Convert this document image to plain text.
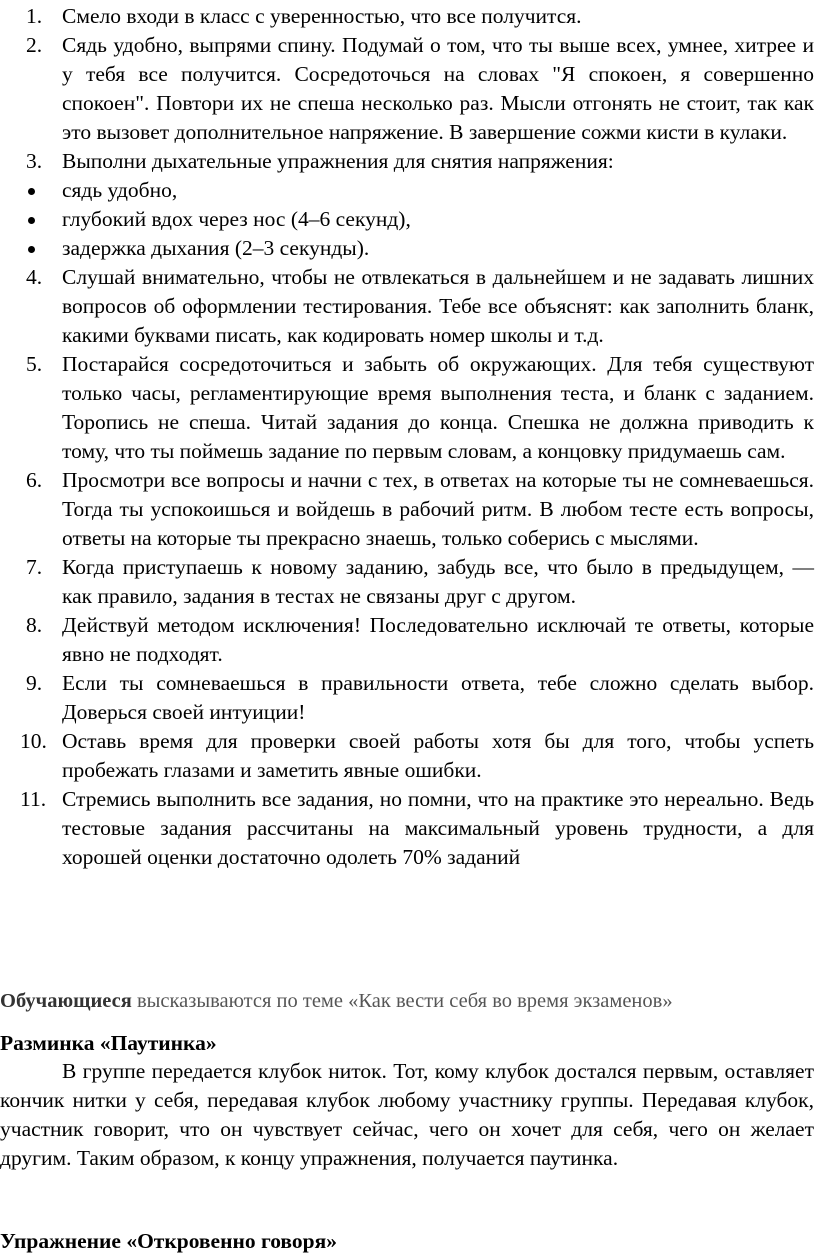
1. Смело входи в класс с уверенностью, что все получится.
2. Сядь удобно, выпрями спину. Подумай о том, что ты выше всех, умнее, хитрее и у тебя все получится. Сосредоточься на словах "Я спокоен, я совершенно спокоен". Повтори их не спеша несколько раз. Мысли отгонять не стоит, так как это вызовет дополнительное напряжение. В завершение сожми кисти в кулаки.
3. Выполни дыхательные упражнения для снятия напряжения:
сядь удобно,
глубокий вдох через нос (4–6 секунд),
задержка дыхания (2–3 секунды).
4. Слушай внимательно, чтобы не отвлекаться в дальнейшем и не задавать лишних вопросов об оформлении тестирования. Тебе все объяснят: как заполнить бланк, какими буквами писать, как кодировать номер школы и т.д.
5. Постарайся сосредоточиться и забыть об окружающих. Для тебя существуют только часы, регламентирующие время выполнения теста, и бланк с заданием. Торопись не спеша. Читай задания до конца. Спешка не должна приводить к тому, что ты поймешь задание по первым словам, а концовку придумаешь сам.
6. Просмотри все вопросы и начни с тех, в ответах на которые ты не сомневаешься. Тогда ты успокоишься и войдешь в рабочий ритм. В любом тесте есть вопросы, ответы на которые ты прекрасно знаешь, только соберись с мыслями.
7. Когда приступаешь к новому заданию, забудь все, что было в предыдущем, — как правило, задания в тестах не связаны друг с другом.
8. Действуй методом исключения! Последовательно исключай те ответы, которые явно не подходят.
9. Если ты сомневаешься в правильности ответа, тебе сложно сделать выбор. Доверься своей интуиции!
10. Оставь время для проверки своей работы хотя бы для того, чтобы успеть пробежать глазами и заметить явные ошибки.
11. Стремись выполнить все задания, но помни, что на практике это нереально. Ведь тестовые задания рассчитаны на максимальный уровень трудности, а для хорошей оценки достаточно одолеть 70% заданий
Обучающиеся высказываются по теме «Как вести себя во время экзаменов»
Разминка «Паутинка»
В группе передается клубок ниток. Тот, кому клубок достался первым, оставляет кончик нитки у себя, передавая клубок любому участнику группы. Передавая клубок, участник говорит, что он чувствует сейчас, чего он хочет для себя, чего он желает другим. Таким образом, к концу упражнения, получается паутинка.
Упражнение «Откровенно говоря»
